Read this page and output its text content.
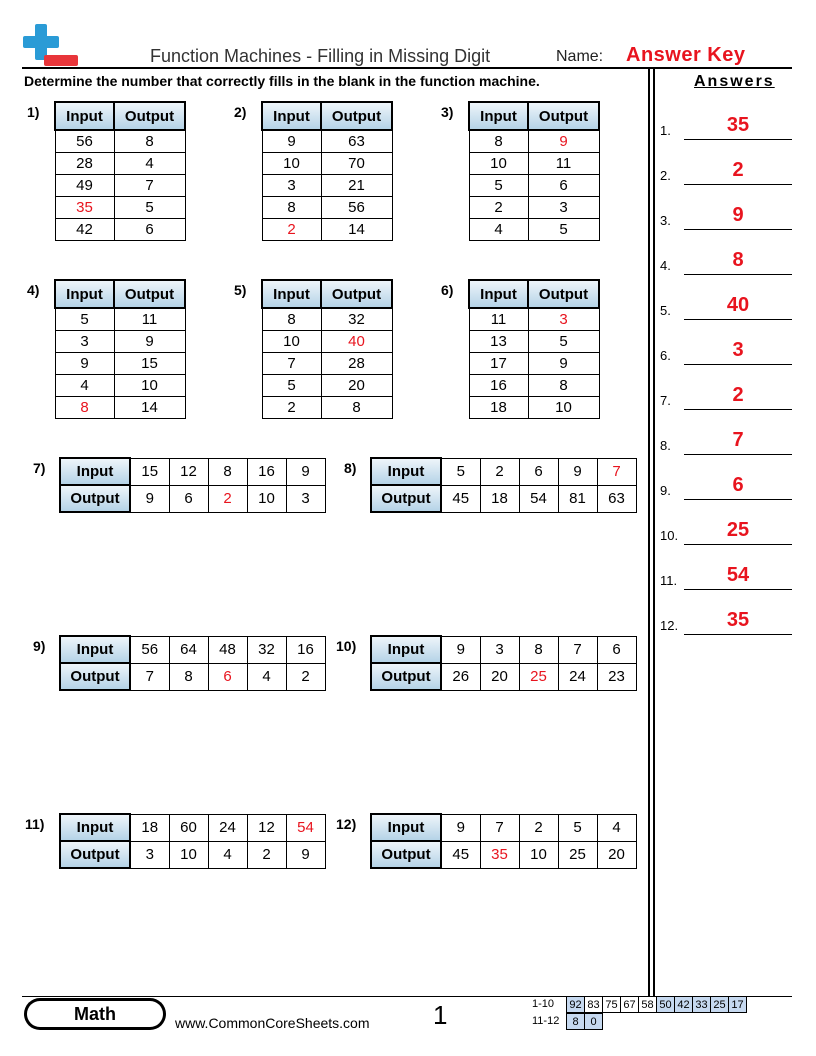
Function Machines - Filling in Missing Digit	Name: Answer Key
Determine the number that correctly fills in the blank in the function machine.	Answers
1.	35
2.	2
3.	9
4.	8
5.	40
6.	3
7.	2
8.	7
9.	6
10.	25
11.	54
12.	35
1) Input	Output
56	8
28	4
49	7
35	5
42	6
2) Input	Output
9	63
10	70
3	21
8	56
2	14
3) Input	Output
8	9
10	11
5	6
2	3
4	5
4) Input	Output
5	11
3	9
9	15
4	10
8	14
5) Input	Output
8	32
10	40
7	28
5	20
2	8
6) Input	Output
11	3
13	5
17	9
16	8
18	10
7) Input	15	12	8	16	9
Output	9	6	2	10	3
8) Input	5	2	6	9	7
Output	45	18	54	81	63
9) Input	56	64	48	32	16
Output	7	8	6	4	2
10) Input	9	3	8	7	6
Output	26	20	25	24	23
11) Input	18	60	24	12	54
Output	3	10	4	2	9
12) Input	9	7	2	5	4
Output	45	35	10	25	20
Math	www.CommonCoreSheets.com 1	1-10 92	83	75	67	58	50	42	33	25	17
11-12 8	0
